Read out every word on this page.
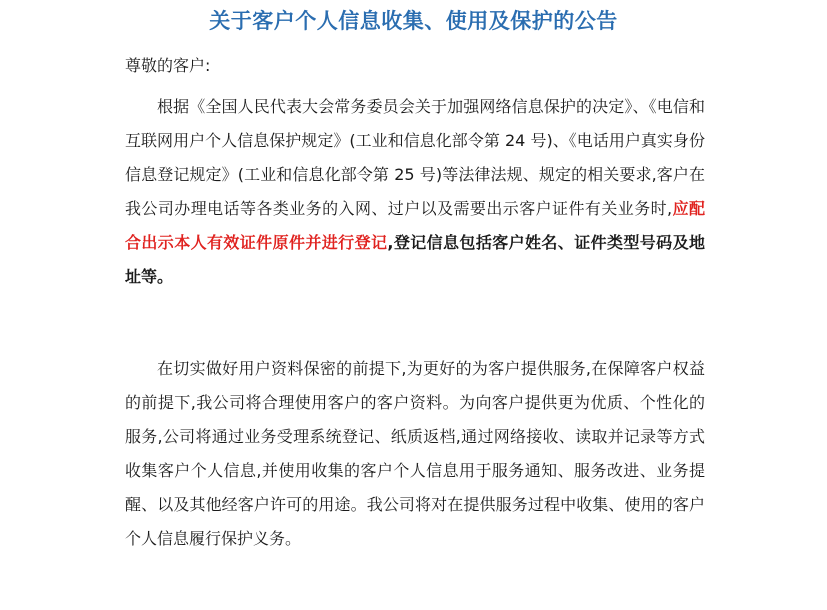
关于客户个人信息收集、使用及保护的公告
尊敬的客户:
根据《全国人民代表大会常务委员会关于加强网络信息保护的决定》、《电信和互联网用户个人信息保护规定》(工业和信息化部令第 24 号)、《电话用户真实身份信息登记规定》(工业和信息化部令第 25 号)等法律法规、规定的相关要求,客户在我公司办理电话等各类业务的入网、过户以及需要出示客户证件有关业务时,应配合出示本人有效证件原件并进行登记,登记信息包括客户姓名、证件类型号码及地址等。
在切实做好用户资料保密的前提下,为更好的为客户提供服务,在保障客户权益的前提下,我公司将合理使用客户的客户资料。为向客户提供更为优质、个性化的服务,公司将通过业务受理系统登记、纸质返档,通过网络接收、读取并记录等方式收集客户个人信息,并使用收集的客户个人信息用于服务通知、服务改进、业务提醒、以及其他经客户许可的用途。我公司将对在提供服务过程中收集、使用的客户个人信息履行保护义务。
